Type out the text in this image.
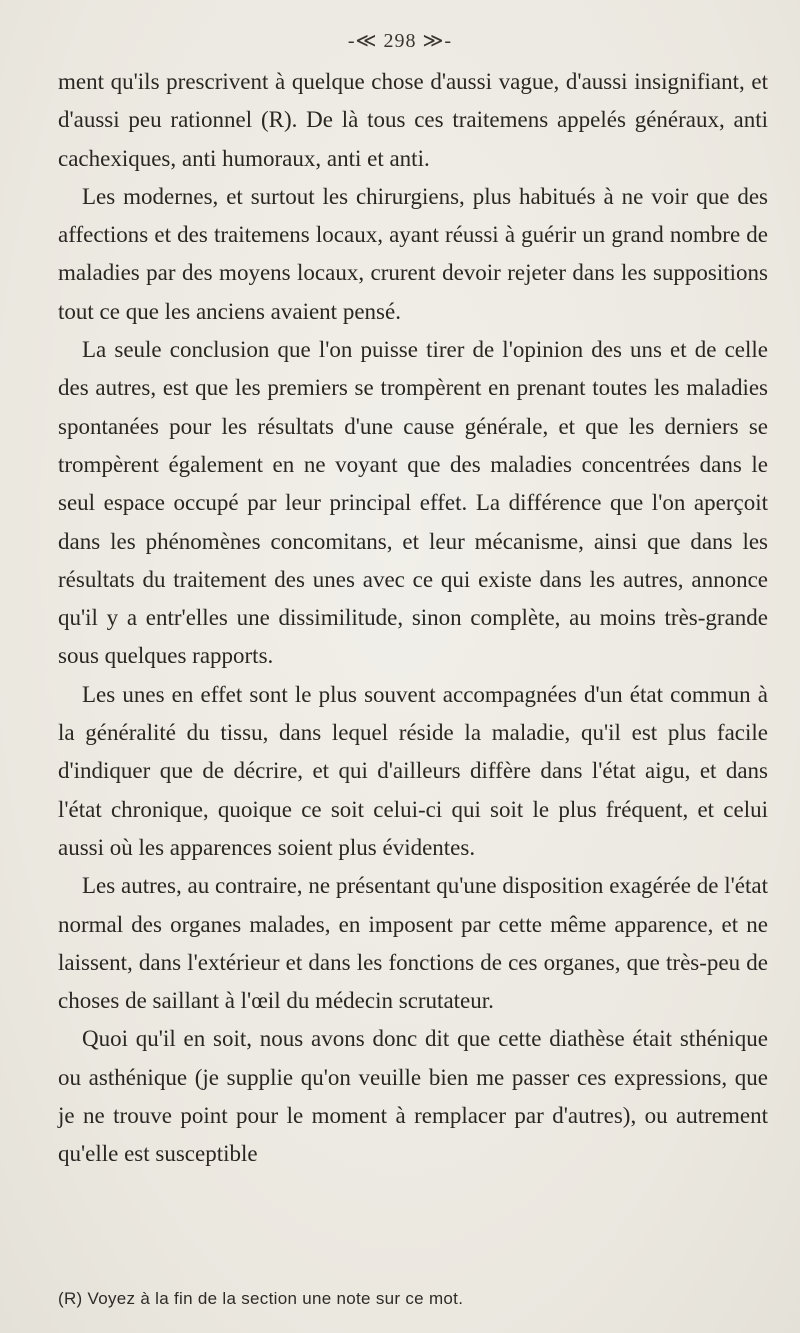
-≪ 298 ≫-

ment qu'ils prescrivent à quelque chose d'aussi vague, d'aussi insignifiant, et d'aussi peu rationnel (R). De là tous ces traitemens appelés généraux, anti cachexiques, anti humoraux, anti et anti.

Les modernes, et surtout les chirurgiens, plus habitués à ne voir que des affections et des traitemens locaux, ayant réussi à guérir un grand nombre de maladies par des moyens locaux, crurent devoir rejeter dans les suppositions tout ce que les anciens avaient pensé.

La seule conclusion que l'on puisse tirer de l'opinion des uns et de celle des autres, est que les premiers se trompèrent en prenant toutes les maladies spontanées pour les résultats d'une cause générale, et que les derniers se trompèrent également en ne voyant que des maladies concentrées dans le seul espace occupé par leur principal effet. La différence que l'on aperçoit dans les phénomènes concomitans, et leur mécanisme, ainsi que dans les résultats du traitement des unes avec ce qui existe dans les autres, annonce qu'il y a entr'elles une dissimilitude, sinon complète, au moins très-grande sous quelques rapports.

Les unes en effet sont le plus souvent accompagnées d'un état commun à la généralité du tissu, dans lequel réside la maladie, qu'il est plus facile d'indiquer que de décrire, et qui d'ailleurs diffère dans l'état aigu, et dans l'état chronique, quoique ce soit celui-ci qui soit le plus fréquent, et celui aussi où les apparences soient plus évidentes.

Les autres, au contraire, ne présentant qu'une disposition exagérée de l'état normal des organes malades, en imposent par cette même apparence, et ne laissent, dans l'extérieur et dans les fonctions de ces organes, que très-peu de choses de saillant à l'œil du médecin scrutateur.

Quoi qu'il en soit, nous avons donc dit que cette diathèse était sthénique ou asthénique (je supplie qu'on veuille bien me passer ces expressions, que je ne trouve point pour le moment à remplacer par d'autres), ou autrement qu'elle est susceptible

(R) Voyez à la fin de la section une note sur ce mot.
